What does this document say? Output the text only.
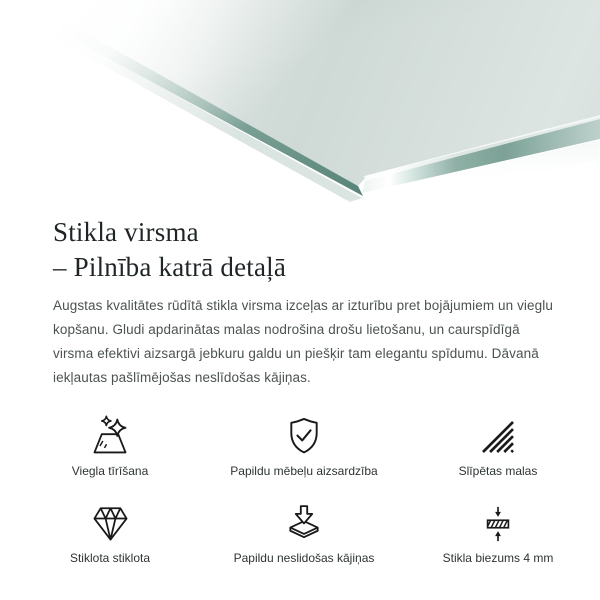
Stikla virsma
– Pilnība katrā detaļā

Augstas kvalitātes rūdītā stikla virsma izceļas ar izturību pret bojājumiem un vieglu kopšanu. Gludi apdarinātas malas nodrošina drošu lietošanu, un caurspīdīgā virsma efektivi aizsargā jebkuru galdu un piešķir tam elegantu spīdumu. Dāvanā iekļautas pašlīmējošas neslīdošas kājiņas.

Viegla tīrīšana	Papildu mēbeļu aizsardzība	Slīpētas malas
Stiklota stiklota	Papildu neslidošas kājiņas	Stikla biezums 4 mm
